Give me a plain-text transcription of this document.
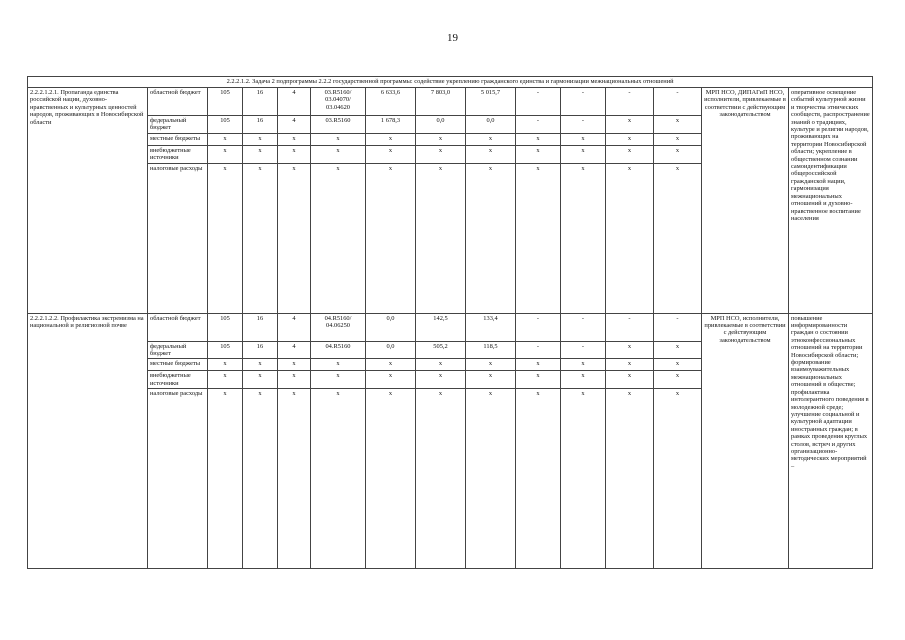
19
2.2.2.1.2. Задача 2 подпрограммы 2.2.2 государственной программы: содействие укреплению гражданского единства и гармонизации межнациональных отношений														
2.2.2.1.2.1. Пропаганда единства российской нации, духовно-нравственных и культурных ценностей народов, проживающих в Новосибирской области	областной бюджет	105	16	4	03.R5160/ 03.04070/ 03.04620	6 633,6	7 803,0	5 015,7	-	-	-	-	МРП НСО, ДИПАГиП НСО, исполнители, привлекаемые в соответствии с действующим законодательством	оперативное освещение событий культурной жизни и творчества этнических сообществ, распространение знаний о традициях, культуре и религии народов, проживающих на территории Новосибирской области; укрепление в общественном сознании самоидентификации общероссийской гражданской нации, гармонизация межнациональных отношений и духовно-нравственное воспитание населения
	федеральный бюджет	105	16	4	03.R5160	1 678,3	0,0	0,0	-	-	x	x		
	местные бюджеты	x	x	x	x	x	x	x	x	x	x	x		
	внебюджетные источники	x	x	x	x	x	x	x	x	x	x	x		
	налоговые расходы	x	x	x	x	x	x	x	x	x	x	x		
2.2.2.1.2.2. Профилактика экстремизма на национальной и религиозной почве	областной бюджет	105	16	4	04.R5160/ 04.06250	0,0	142,5	133,4	-	-	-	-	МРП НСО, исполнители, привлекаемые в соответствии с действующим законодательством	повышение информированности граждан о состоянии этноконфессиональных отношений на территории Новосибирской области; формирование взаимоуважительных межнациональных отношений в обществе; профилактика интолерантного поведения в молодежной среде; улучшение социальной и культурной адаптации иностранных граждан; в рамках проведения круглых столов, встреч и других организационно-методических мероприятий –
	федеральный бюджет	105	16	4	04.R5160	0,0	505,2	118,5	-	-	x	x		
	местные бюджеты	x	x	x	x	x	x	x	x	x	x	x		
	внебюджетные источники	x	x	x	x	x	x	x	x	x	x	x		
	налоговые расходы	x	x	x	x	x	x	x	x	x	x	x		
